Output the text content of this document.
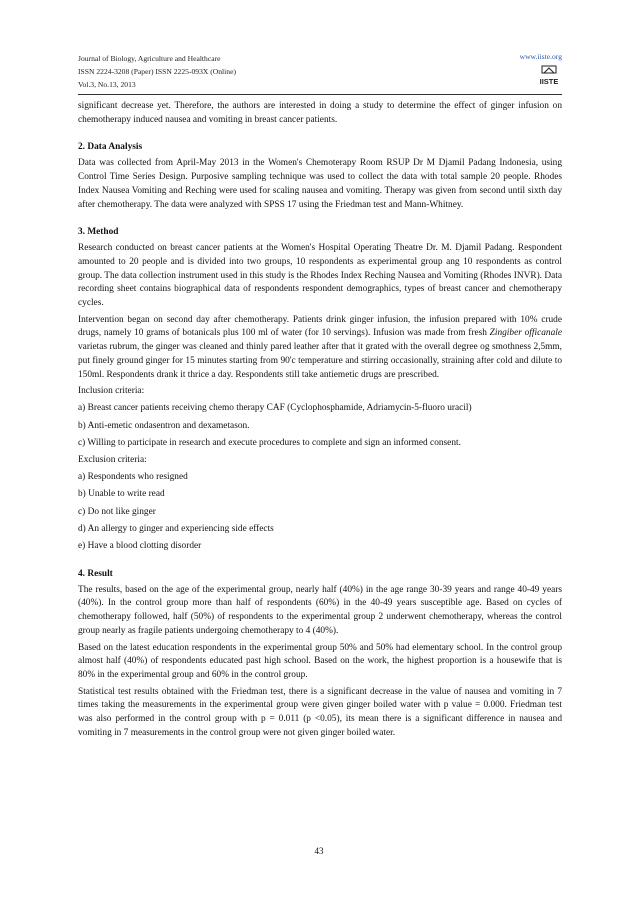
Journal of Biology, Agriculture and Healthcare
ISSN 2224-3208 (Paper) ISSN 2225-093X (Online)
Vol.3, No.13, 2013
www.iiste.org
IISTE

significant decrease yet. Therefore, the authors are interested in doing a study to determine the effect of ginger infusion on chemotherapy induced nausea and vomiting in breast cancer patients.

2. Data Analysis

Data was collected from April-May 2013 in the Women's Chemoterapy Room RSUP Dr M Djamil Padang Indonesia, using Control Time Series Design. Purposive sampling technique was used to collect the data with total sample 20 people. Rhodes Index Nausea Vomiting and Reching were used for scaling nausea and vomiting. Therapy was given from second until sixth day after chemotherapy. The data were analyzed with SPSS 17 using the Friedman test and Mann-Whitney.

3. Method

Research conducted on breast cancer patients at the Women's Hospital Operating Theatre Dr. M. Djamil Padang. Respondent amounted to 20 people and is divided into two groups, 10 respondents as experimental group ang 10 respondents as control group. The data collection instrument used in this study is the Rhodes Index Reching Nausea and Vomiting (Rhodes INVR). Data recording sheet contains biographical data of respondents respondent demographics, types of breast cancer and chemotherapy cycles.

Intervention began on second day after chemotherapy. Patients drink ginger infusion, the infusion prepared with 10% crude drugs, namely 10 grams of botanicals plus 100 ml of water (for 10 servings). Infusion was made from fresh Zingiber officanale varietas rubrum, the ginger was cleaned and thinly pared leather after that it grated with the overall degree og smothness 2,5mm, put finely ground ginger for 15 minutes starting from 90'c temperature and stirring occasionally, straining after cold and dilute to 150ml. Respondents drank it thrice a day. Respondents still take antiemetic drugs are prescribed.

Inclusion criteria:
a) Breast cancer patients receiving chemo therapy CAF (Cyclophosphamide, Adriamycin-5-fluoro uracil)
b) Anti-emetic ondasentron and dexametason.
c) Willing to participate in research and execute procedures to complete and sign an informed consent.
Exclusion criteria:
a) Respondents who resigned
b) Unable to write read
c) Do not like ginger
d) An allergy to ginger and experiencing side effects
e) Have a blood clotting disorder
4. Result

The results, based on the age of the experimental group, nearly half (40%) in the age range 30-39 years and range 40-49 years (40%). In the control group more than half of respondents (60%) in the 40-49 years susceptible age. Based on cycles of chemotherapy followed, half (50%) of respondents to the experimental group 2 underwent chemotherapy, whereas the control group nearly as fragile patients undergoing chemotherapy to 4 (40%).

Based on the latest education respondents in the experimental group 50% and 50% had elementary school. In the control group almost half (40%) of respondents educated past high school. Based on the work, the highest proportion is a housewife that is 80% in the experimental group and 60% in the control group.

Statistical test results obtained with the Friedman test, there is a significant decrease in the value of nausea and vomiting in 7 times taking the measurements in the experimental group were given ginger boiled water with p value = 0.000. Friedman test was also performed in the control group with p = 0.011 (p <0.05), its mean there is a significant difference in nausea and vomiting in 7 measurements in the control group were not given ginger boiled water.

43
